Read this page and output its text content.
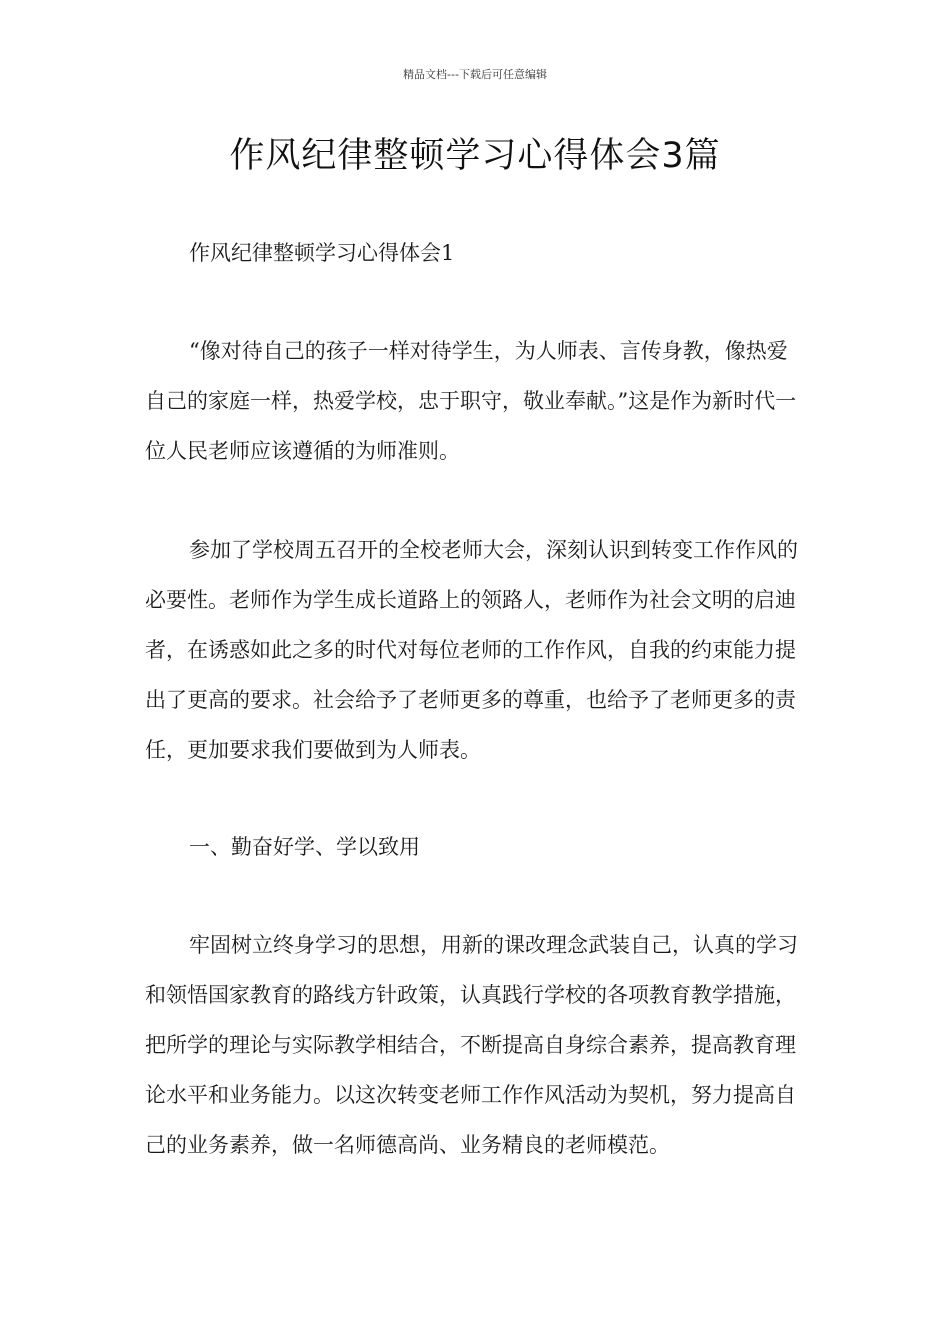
精品文档---下载后可任意编辑
作风纪律整顿学习心得体会3篇

作风纪律整顿学习心得体会1

“像对待自己的孩子一样对待学生，为人师表、言传身教，像热爱自己的家庭一样，热爱学校，忠于职守，敬业奉献。”这是作为新时代一位人民老师应该遵循的为师准则。

参加了学校周五召开的全校老师大会，深刻认识到转变工作作风的必要性。老师作为学生成长道路上的领路人，老师作为社会文明的启迪者，在诱惑如此之多的时代对每位老师的工作作风，自我的约束能力提出了更高的要求。社会给予了老师更多的尊重，也给予了老师更多的责任，更加要求我们要做到为人师表。

一、勤奋好学、学以致用

牢固树立终身学习的思想，用新的课改理念武装自己，认真的学习和领悟国家教育的路线方针政策，认真践行学校的各项教育教学措施，把所学的理论与实际教学相结合，不断提高自身综合素养，提高教育理论水平和业务能力。以这次转变老师工作作风活动为契机，努力提高自己的业务素养，做一名师德高尚、业务精良的老师模范。
